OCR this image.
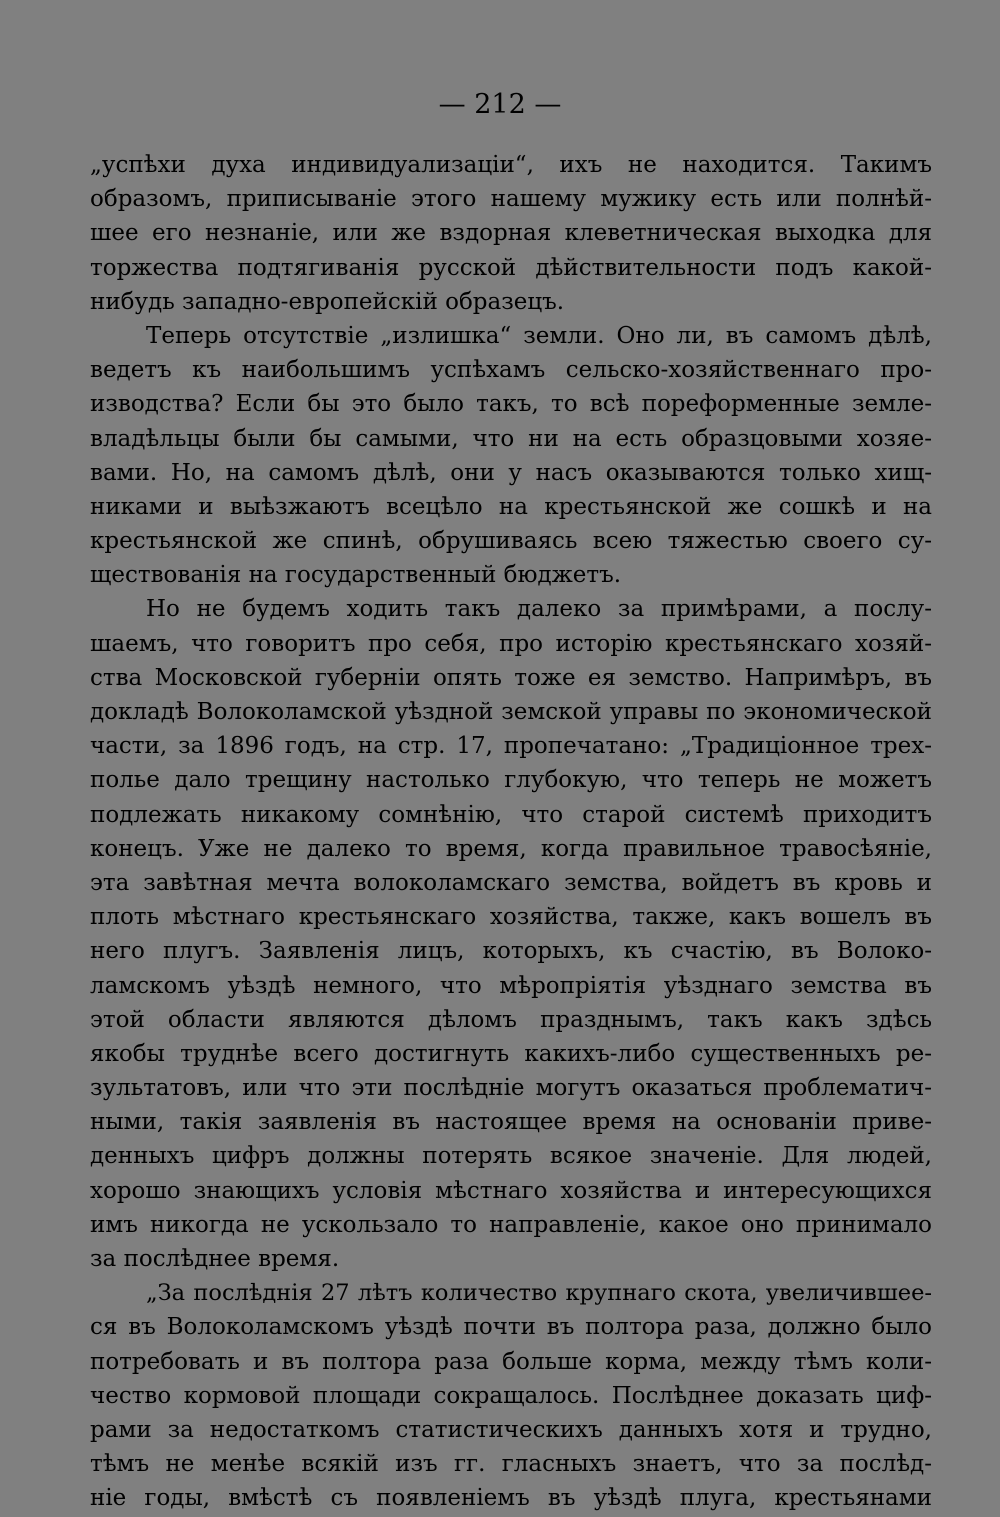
— 212 —
„успѣхи духа индивидуализаціи“, ихъ не находится. Такимъ
образомъ, приписываніе этого нашему мужику есть или полнѣй-
шее его незнаніе, или же вздорная клеветническая выходка для
торжества подтягиванія русской дѣйствительности подъ какой-
нибудь западно-европейскій образецъ.
Теперь отсутствіе „излишка“ земли. Оно ли, въ самомъ дѣлѣ,
ведетъ къ наибольшимъ успѣхамъ сельско-хозяйственнаго про-
изводства? Если бы это было такъ, то всѣ пореформенные земле-
владѣльцы были бы самыми, что ни на есть образцовыми хозяе-
вами. Но, на самомъ дѣлѣ, они у насъ оказываются только хищ-
никами и выѣзжаютъ всецѣло на крестьянской же сошкѣ и на
крестьянской же спинѣ, обрушиваясь всею тяжестью своего су-
ществованія на государственный бюджетъ.
Но не будемъ ходить такъ далеко за примѣрами, а послу-
шаемъ, что говоритъ про себя, про исторію крестьянскаго хозяй-
ства Московской губерніи опять тоже ея земство. Напримѣръ, въ
докладѣ Волоколамской уѣздной земской управы по экономической
части, за 1896 годъ, на стр. 17, пропечатано: „Традиціонное трех-
полье дало трещину настолько глубокую, что теперь не можетъ
подлежать никакому сомнѣнію, что старой системѣ приходитъ
конецъ. Уже не далеко то время, когда правильное травосѣяніе,
эта завѣтная мечта волоколамскаго земства, войдетъ въ кровь и
плоть мѣстнаго крестьянскаго хозяйства, также, какъ вошелъ въ
него плугъ. Заявленія лицъ, которыхъ, къ счастію, въ Волоко-
ламскомъ уѣздѣ немного, что мѣропріятія уѣзднаго земства въ
этой области являются дѣломъ празднымъ, такъ какъ здѣсь
якобы труднѣе всего достигнуть какихъ-либо существенныхъ ре-
зультатовъ, или что эти послѣдніе могутъ оказаться проблематич-
ными, такія заявленія въ настоящее время на основаніи приве-
денныхъ цифръ должны потерять всякое значеніе. Для людей,
хорошо знающихъ условія мѣстнаго хозяйства и интересующихся
имъ никогда не ускользало то направленіе, какое оно принимало
за послѣднее время.
„За послѣднія 27 лѣтъ количество крупнаго скота, увеличившее-
ся въ Волоколамскомъ уѣздѣ почти въ полтора раза, должно было
потребовать и въ полтора раза больше корма, между тѣмъ коли-
чество кормовой площади сокращалось. Послѣднее доказать циф-
рами за недостаткомъ статистическихъ данныхъ хотя и трудно,
тѣмъ не менѣе всякій изъ гг. гласныхъ знаетъ, что за послѣд-
ніе годы, вмѣстѣ съ появленіемъ въ уѣздѣ плуга, крестьянами
